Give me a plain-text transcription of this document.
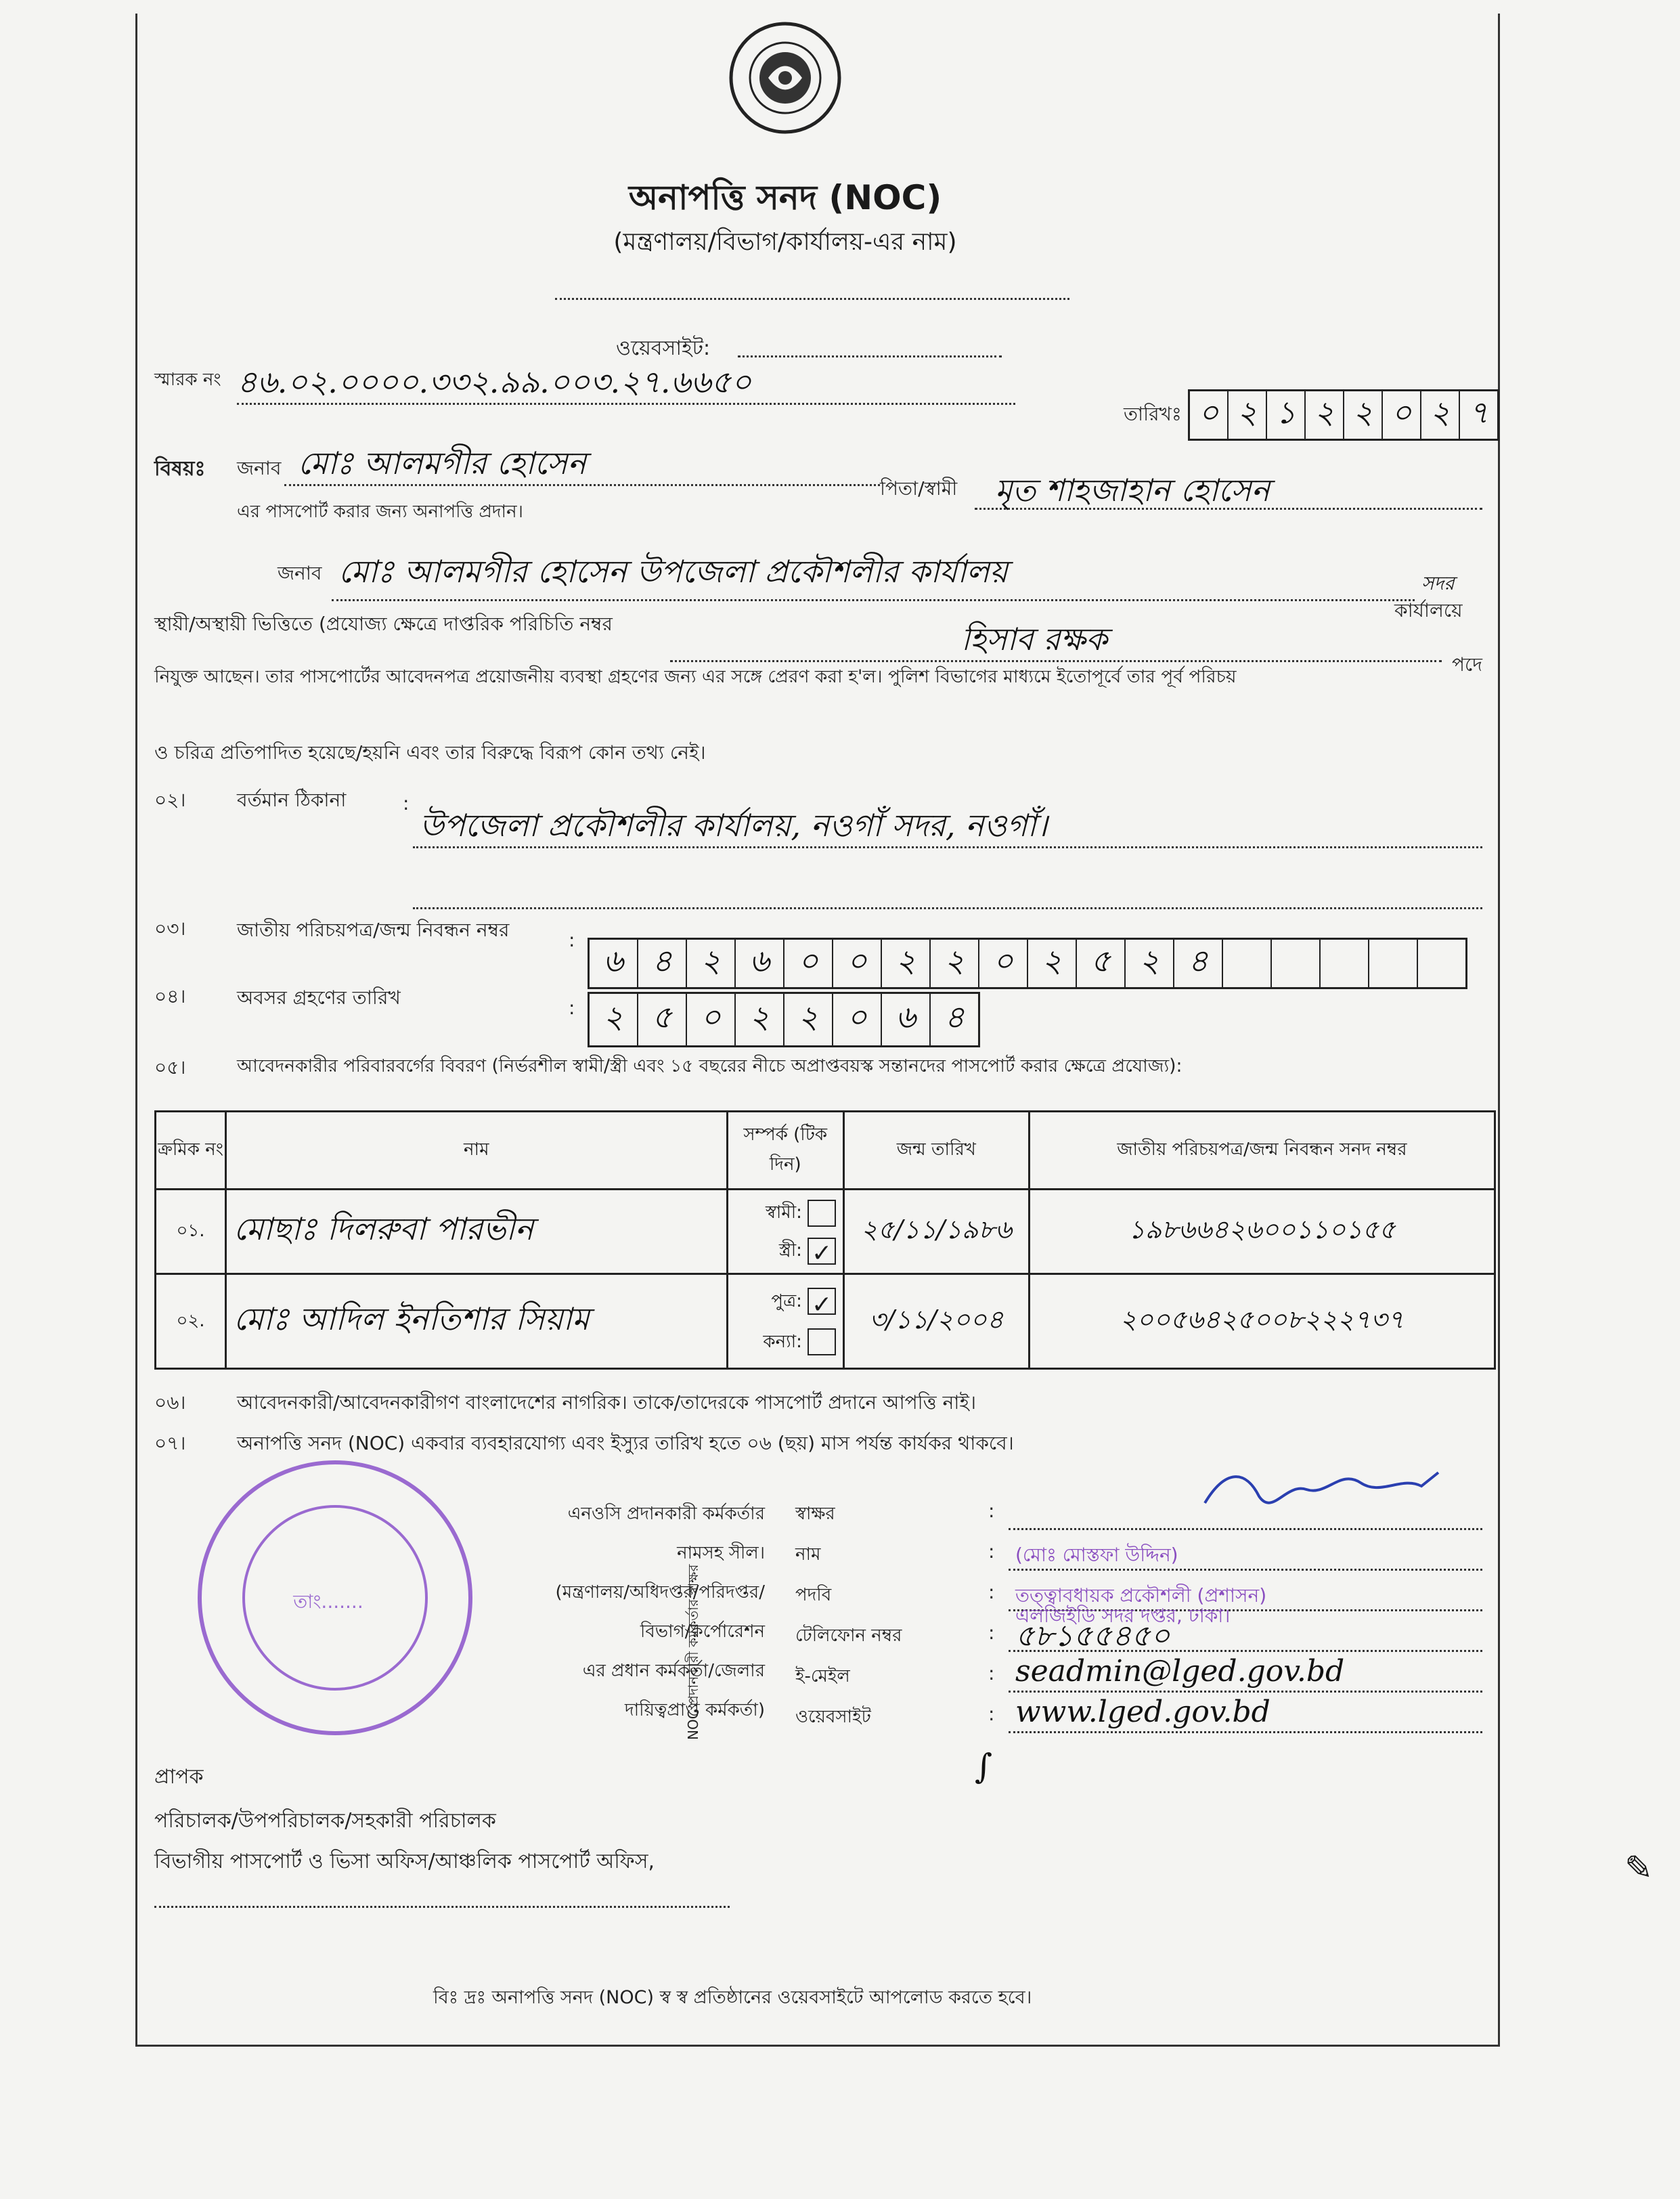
অনাপত্তি সনদ (NOC)
(মন্ত্রণালয়/বিভাগ/কার্যালয়-এর নাম)
ওয়েবসাইট:
স্মারক নং ৪৬.০২.০০০০.৩৩২.৯৯.০০৩.২৭.৬৬৫০
তারিখঃ ০ ২ ১ ২ ২ ০ ২ ৭
বিষয়ঃ জনাব মোঃ আলমগীর হোসেন
পিতা/স্বামী মৃত শাহজাহান হোসেন
এর পাসপোর্ট করার জন্য অনাপত্তি প্রদান।
জনাব মোঃ আলমগীর হোসেন উপজেলা প্রকৌশলীর কার্যালয়	সদর
কার্যালয়ে
স্থায়ী/অস্থায়ী ভিত্তিতে (প্রযোজ্য ক্ষেত্রে দাপ্তরিক পরিচিতি নম্বর	হিসাব রক্ষক
পদে
নিযুক্ত আছেন। তার পাসপোর্টের আবেদনপত্র প্রয়োজনীয় ব্যবস্থা গ্রহণের জন্য এর সঙ্গে প্রেরণ করা হ'ল। পুলিশ বিভাগের মাধ্যমে ইতোপূর্বে তার পূর্ব পরিচয়
ও চরিত্র প্রতিপাদিত হয়েছে/হয়নি এবং তার বিরুদ্ধে বিরূপ কোন তথ্য নেই।
০২।	বর্তমান ঠিকানা	:
উপজেলা প্রকৌশলীর কার্যালয়, নওগাঁ সদর, নওগাঁ।
০৩।	জাতীয় পরিচয়পত্র/জন্ম নিবন্ধন নম্বর	:
৬ ৪ ২ ৬ ০ ০ ২ ২ ০ ২ ৫ ২ ৪
০৪।	অবসর গ্রহণের তারিখ	: ২ ৫ ০ ২ ২ ০ ৬ ৪
০৫।	আবেদনকারীর পরিবারবর্গের বিবরণ (নির্ভরশীল স্বামী/স্ত্রী এবং ১৫ বছরের নীচে অপ্রাপ্তবয়স্ক সন্তানদের পাসপোর্ট করার ক্ষেত্রে প্রযোজ্য):
ক্রমিক নং	নাম	সম্পর্ক (টিক দিন)	জন্ম তারিখ	জাতীয় পরিচয়পত্র/জন্ম নিবন্ধন সনদ নম্বর
০১.	মোছাঃ দিলরুবা পারভীন	স্বামী:
স্ত্রী:✓	২৫/১১/১৯৮৬	১৯৮৬৬৪২৬০০১১০১৫৫
০২.	মোঃ আদিল ইনতিশার সিয়াম	পুত্র:✓
কন্যা:	৩/১১/২০০৪	২০০৫৬৪২৫০০৮২২২৭৩৭
০৬।	আবেদনকারী/আবেদনকারীগণ বাংলাদেশের নাগরিক। তাকে/তাদেরকে পাসপোর্ট প্রদানে আপত্তি নাই।
০৭।	অনাপত্তি সনদ (NOC) একবার ব্যবহারযোগ্য এবং ইস্যুর তারিখ হতে ০৬ (ছয়) মাস পর্যন্ত কার্যকর থাকবে।
তাং.......
এনওসি প্রদানকারী কর্মকর্তার
নামসহ সীল।
(মন্ত্রণালয়/অধিদপ্তর/পরিদপ্তর/
বিভাগ/কর্পোরেশন
এর প্রধান কর্মকর্তা/জেলার
দায়িত্বপ্রাপ্ত কর্মকর্তা)
NOC প্রদানকারী কর্মকর্তার স্বাক্ষর
স্বাক্ষর	:
নাম	: (মোঃ মোস্তফা উদ্দিন)
পদবি	: তত্ত্বাবধায়ক প্রকৌশলী (প্রশাসন)
এলজিইডি সদর দপ্তর, ঢাকা।
টেলিফোন নম্বর	: ৫৮১৫৫৪৫০
ই-মেইল	: seadmin@lged.gov.bd
ওয়েবসাইট	: www.lged.gov.bd
∫
প্রাপক
পরিচালক/উপপরিচালক/সহকারী পরিচালক
বিভাগীয় পাসপোর্ট ও ভিসা অফিস/আঞ্চলিক পাসপোর্ট অফিস,	✎
বিঃ দ্রঃ অনাপত্তি সনদ (NOC) স্ব স্ব প্রতিষ্ঠানের ওয়েবসাইটে আপলোড করতে হবে।
